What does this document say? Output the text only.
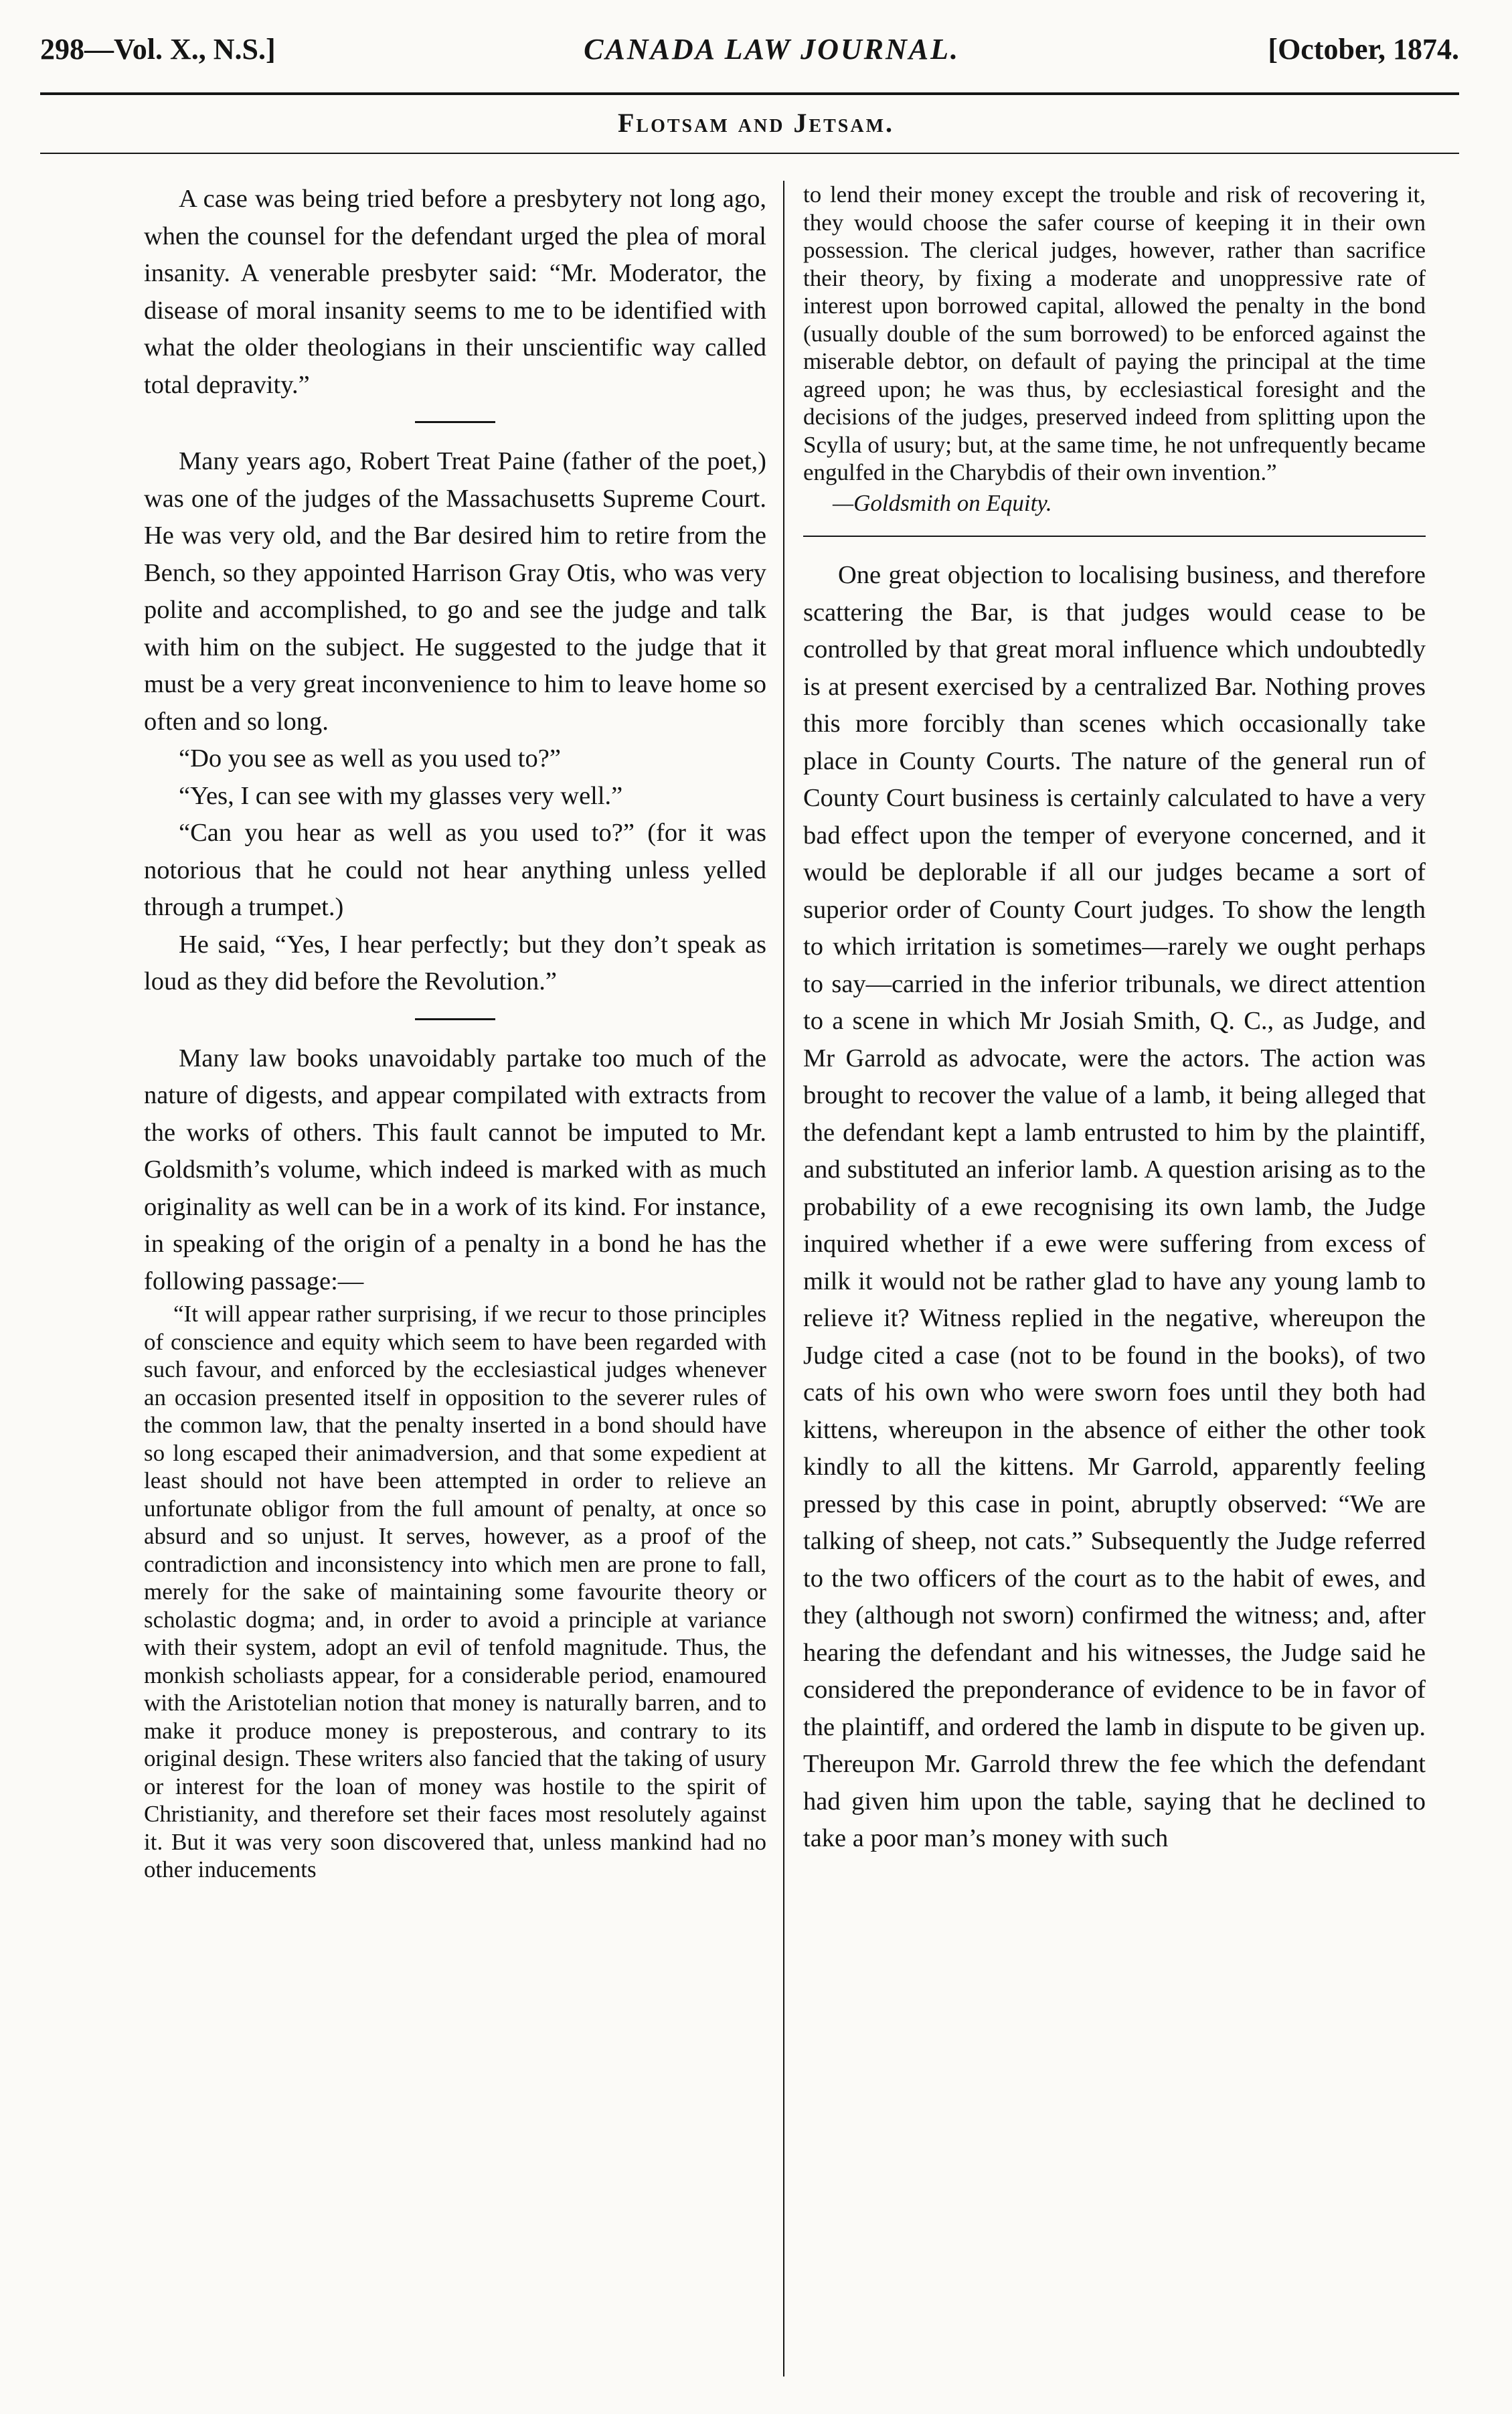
298—Vol. X., N.S.]	CANADA LAW JOURNAL.	[October, 1874.
Flotsam and Jetsam.

A case was being tried before a presbytery not long ago, when the counsel for the defendant urged the plea of moral insanity. A venerable presbyter said: “Mr. Moderator, the disease of moral insanity seems to me to be identified with what the older theologians in their unscientific way called total depravity.”

Many years ago, Robert Treat Paine (father of the poet,) was one of the judges of the Massachusetts Supreme Court. He was very old, and the Bar desired him to retire from the Bench, so they appointed Harrison Gray Otis, who was very polite and accomplished, to go and see the judge and talk with him on the subject. He suggested to the judge that it must be a very great inconvenience to him to leave home so often and so long.

“Do you see as well as you used to?”

“Yes, I can see with my glasses very well.”

“Can you hear as well as you used to?” (for it was notorious that he could not hear anything unless yelled through a trumpet.)

He said, “Yes, I hear perfectly; but they don’t speak as loud as they did before the Revolution.”

Many law books unavoidably partake too much of the nature of digests, and appear compilated with extracts from the works of others. This fault cannot be imputed to Mr. Goldsmith’s volume, which indeed is marked with as much originality as well can be in a work of its kind. For instance, in speaking of the origin of a penalty in a bond he has the following passage:—

“It will appear rather surprising, if we recur to those principles of conscience and equity which seem to have been regarded with such favour, and enforced by the ecclesiastical judges whenever an occasion presented itself in opposition to the severer rules of the common law, that the penalty inserted in a bond should have so long escaped their animadversion, and that some expedient at least should not have been attempted in order to relieve an unfortunate obligor from the full amount of penalty, at once so absurd and so unjust. It serves, however, as a proof of the contradiction and inconsistency into which men are prone to fall, merely for the sake of maintaining some favourite theory or scholastic dogma; and, in order to avoid a principle at variance with their system, adopt an evil of tenfold magnitude. Thus, the monkish scholiasts appear, for a considerable period, enamoured with the Aristotelian notion that money is naturally barren, and to make it produce money is preposterous, and contrary to its original design. These writers also fancied that the taking of usury or interest for the loan of money was hostile to the spirit of Christianity, and therefore set their faces most resolutely against it. But it was very soon discovered that, unless mankind had no other inducements

to lend their money except the trouble and risk of recovering it, they would choose the safer course of keeping it in their own possession. The clerical judges, however, rather than sacrifice their theory, by fixing a moderate and unoppressive rate of interest upon borrowed capital, allowed the penalty in the bond (usually double of the sum borrowed) to be enforced against the miserable debtor, on default of paying the principal at the time agreed upon; he was thus, by ecclesiastical foresight and the decisions of the judges, preserved indeed from splitting upon the Scylla of usury; but, at the same time, he not unfrequently became engulfed in the Charybdis of their own invention.”

—Goldsmith on Equity.

One great objection to localising business, and therefore scattering the Bar, is that judges would cease to be controlled by that great moral influence which undoubtedly is at present exercised by a centralized Bar. Nothing proves this more forcibly than scenes which occasionally take place in County Courts. The nature of the general run of County Court business is certainly calculated to have a very bad effect upon the temper of everyone concerned, and it would be deplorable if all our judges became a sort of superior order of County Court judges. To show the length to which irritation is sometimes—rarely we ought perhaps to say—carried in the inferior tribunals, we direct attention to a scene in which Mr Josiah Smith, Q. C., as Judge, and Mr Garrold as advocate, were the actors. The action was brought to recover the value of a lamb, it being alleged that the defendant kept a lamb entrusted to him by the plaintiff, and substituted an inferior lamb. A question arising as to the probability of a ewe recognising its own lamb, the Judge inquired whether if a ewe were suffering from excess of milk it would not be rather glad to have any young lamb to relieve it? Witness replied in the negative, whereupon the Judge cited a case (not to be found in the books), of two cats of his own who were sworn foes until they both had kittens, whereupon in the absence of either the other took kindly to all the kittens. Mr Garrold, apparently feeling pressed by this case in point, abruptly observed: “We are talking of sheep, not cats.” Subsequently the Judge referred to the two officers of the court as to the habit of ewes, and they (although not sworn) confirmed the witness; and, after hearing the defendant and his witnesses, the Judge said he considered the preponderance of evidence to be in favor of the plaintiff, and ordered the lamb in dispute to be given up. Thereupon Mr. Garrold threw the fee which the defendant had given him upon the table, saying that he declined to take a poor man’s money with such
